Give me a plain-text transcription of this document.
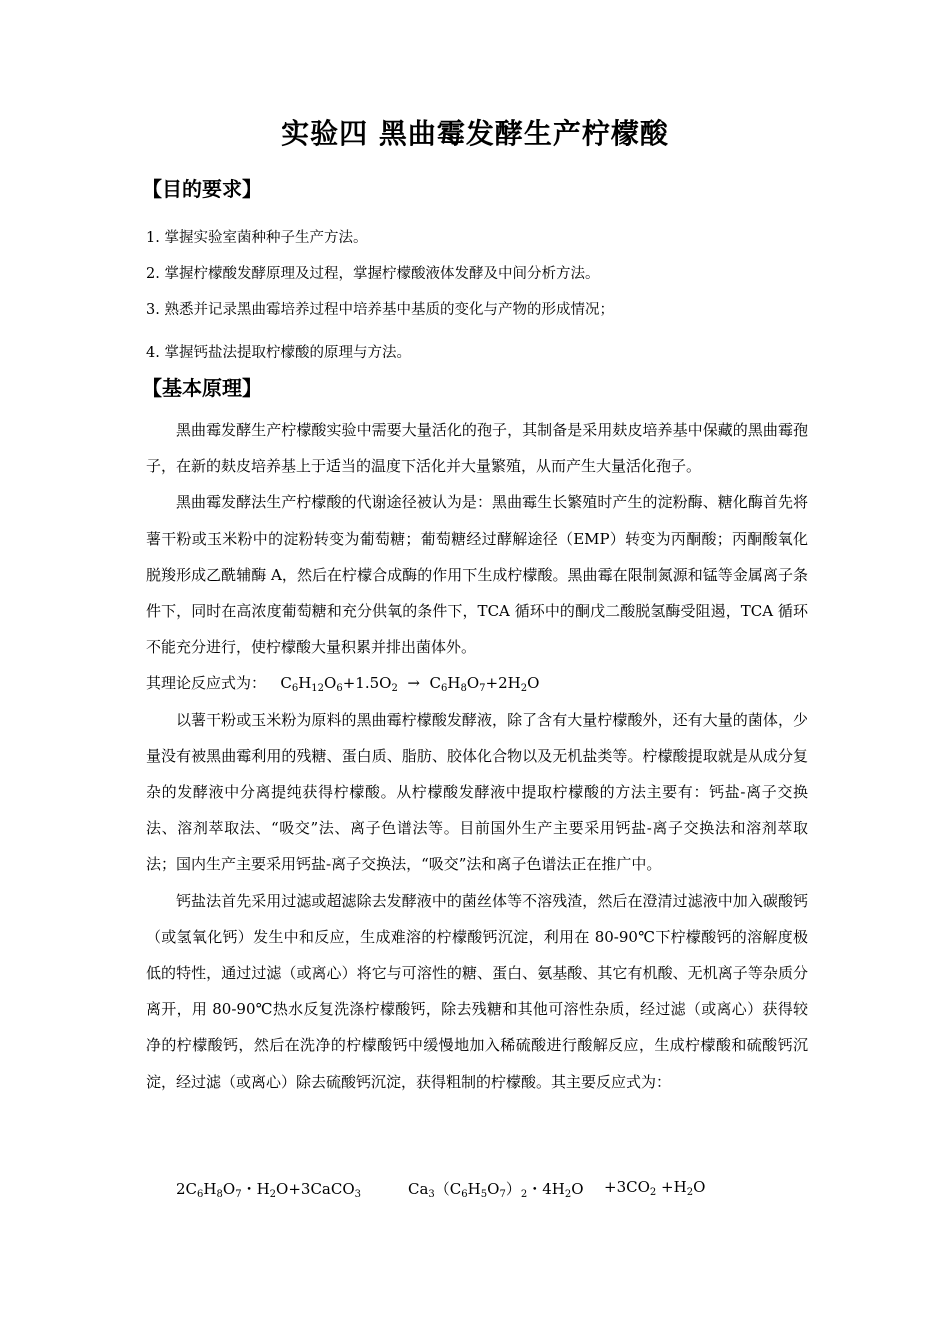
实验四 黑曲霉发酵生产柠檬酸
【目的要求】
1. 掌握实验室菌种种子生产方法。
2. 掌握柠檬酸发酵原理及过程，掌握柠檬酸液体发酵及中间分析方法。
3. 熟悉并记录黑曲霉培养过程中培养基中基质的变化与产物的形成情况；
4. 掌握钙盐法提取柠檬酸的原理与方法。
【基本原理】

黑曲霉发酵生产柠檬酸实验中需要大量活化的孢子，其制备是采用麸皮培养基中保藏的黑曲霉孢子，在新的麸皮培养基上于适当的温度下活化并大量繁殖，从而产生大量活化孢子。

黑曲霉发酵法生产柠檬酸的代谢途径被认为是：黑曲霉生长繁殖时产生的淀粉酶、糖化酶首先将薯干粉或玉米粉中的淀粉转变为葡萄糖；葡萄糖经过酵解途径（EMP）转变为丙酮酸；丙酮酸氧化脱羧形成乙酰辅酶 A，然后在柠檬合成酶的作用下生成柠檬酸。黑曲霉在限制氮源和锰等金属离子条件下，同时在高浓度葡萄糖和充分供氧的条件下，TCA 循环中的酮戊二酸脱氢酶受阻遏，TCA 循环不能充分进行，使柠檬酸大量积累并排出菌体外。

其理论反应式为： $C_6H_{12}O_6+1.5O_2 \to C_6H_8O_7+2H_2O$

以薯干粉或玉米粉为原料的黑曲霉柠檬酸发酵液，除了含有大量柠檬酸外，还有大量的菌体，少量没有被黑曲霉利用的残糖、蛋白质、脂肪、胶体化合物以及无机盐类等。柠檬酸提取就是从成分复杂的发酵液中分离提纯获得柠檬酸。从柠檬酸发酵液中提取柠檬酸的方法主要有：钙盐-离子交换法、溶剂萃取法、“吸交”法、离子色谱法等。目前国外生产主要采用钙盐-离子交换法和溶剂萃取法；国内生产主要采用钙盐-离子交换法，“吸交”法和离子色谱法正在推广中。

钙盐法首先采用过滤或超滤除去发酵液中的菌丝体等不溶残渣，然后在澄清过滤液中加入碳酸钙（或氢氧化钙）发生中和反应，生成难溶的柠檬酸钙沉淀，利用在 80-90℃下柠檬酸钙的溶解度极低的特性，通过过滤（或离心）将它与可溶性的糖、蛋白、氨基酸、其它有机酸、无机离子等杂质分离开，用 80-90℃热水反复洗涤柠檬酸钙，除去残糖和其他可溶性杂质，经过滤（或离心）获得较净的柠檬酸钙，然后在洗净的柠檬酸钙中缓慢地加入稀硫酸进行酸解反应，生成柠檬酸和硫酸钙沉淀，经过滤（或离心）除去硫酸钙沉淀，获得粗制的柠檬酸。其主要反应式为：

$2C_6H_8O_7$・$H_2O+3CaCO_3$	$Ca_3(C_6H_5O_7)_2$・$4H_2O +3CO_2 +H_2O$
